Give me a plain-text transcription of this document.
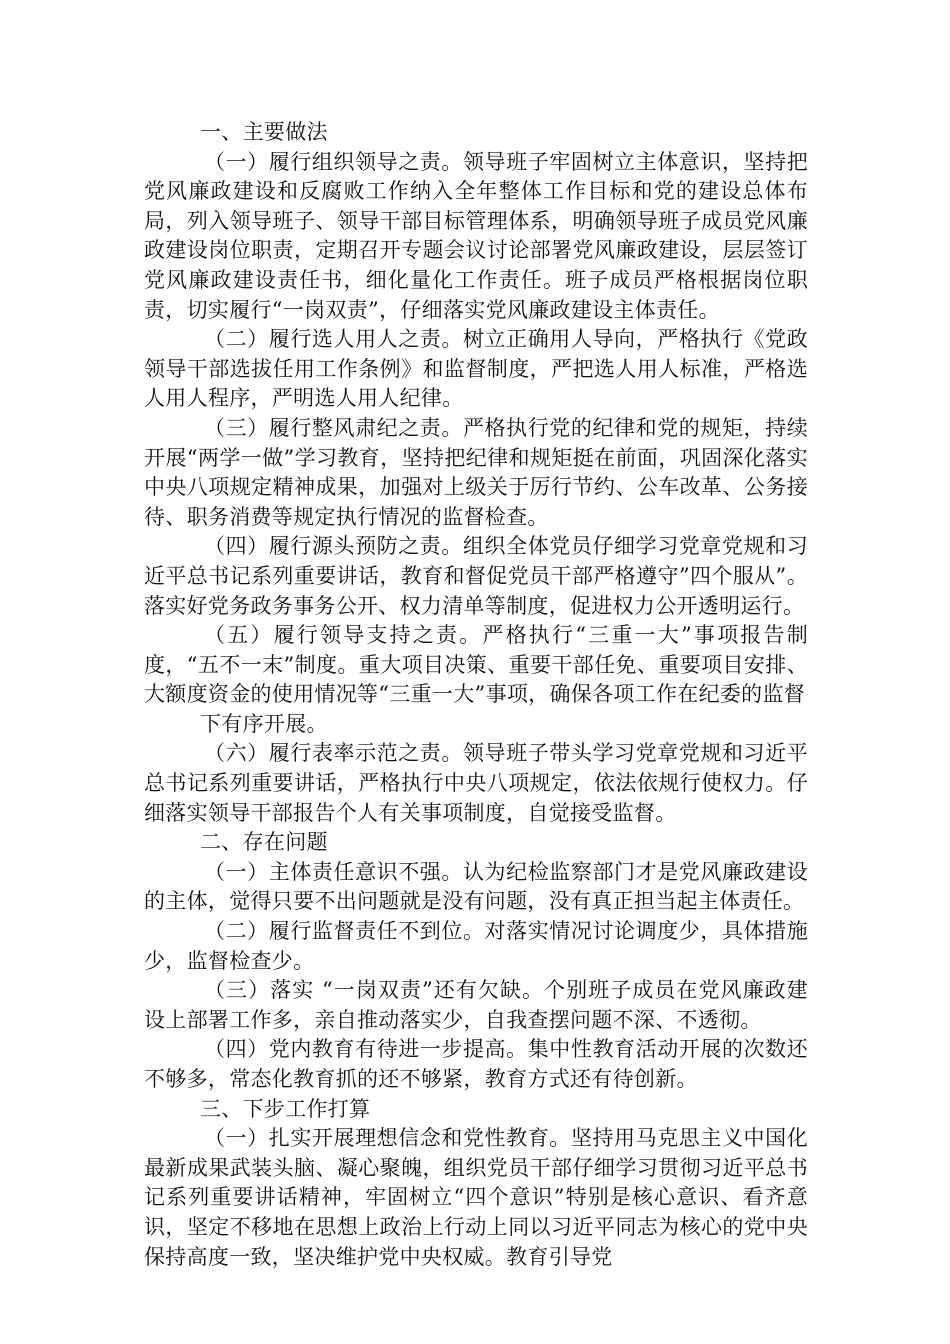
一、主要做法

（一）履行组织领导之责。领导班子牢固树立主体意识，坚持把党风廉政建设和反腐败工作纳入全年整体工作目标和党的建设总体布局，列入领导班子、领导干部目标管理体系，明确领导班子成员党风廉政建设岗位职责，定期召开专题会议讨论部署党风廉政建设，层层签订党风廉政建设责任书，细化量化工作责任。班子成员严格根据岗位职责，切实履行“一岗双责”，仔细落实党风廉政建设主体责任。

（二）履行选人用人之责。树立正确用人导向，严格执行《党政领导干部选拔任用工作条例》和监督制度，严把选人用人标准，严格选人用人程序，严明选人用人纪律。

（三）履行整风肃纪之责。严格执行党的纪律和党的规矩，持续开展“两学一做”学习教育，坚持把纪律和规矩挺在前面，巩固深化落实中央八项规定精神成果，加强对上级关于厉行节约、公车改革、公务接待、职务消费等规定执行情况的监督检查。

（四）履行源头预防之责。组织全体党员仔细学习党章党规和习近平总书记系列重要讲话，教育和督促党员干部严格遵守”四个服从”。落实好党务政务事务公开、权力清单等制度，促进权力公开透明运行。

（五）履行领导支持之责。严格执行“三重一大”事项报告制度，“五不一末”制度。重大项目决策、重要干部任免、重要项目安排、大额度资金的使用情况等“三重一大”事项，确保各项工作在纪委的监督

下有序开展。

（六）履行表率示范之责。领导班子带头学习党章党规和习近平总书记系列重要讲话，严格执行中央八项规定，依法依规行使权力。仔细落实领导干部报告个人有关事项制度，自觉接受监督。

二、存在问题

（一）主体责任意识不强。认为纪检监察部门才是党风廉政建设的主体，觉得只要不出问题就是没有问题，没有真正担当起主体责任。

（二）履行监督责任不到位。对落实情况讨论调度少，具体措施少，监督检查少。

（三）落实 “一岗双责”还有欠缺。个别班子成员在党风廉政建设上部署工作多，亲自推动落实少，自我查摆问题不深、不透彻。

（四）党内教育有待进一步提高。集中性教育活动开展的次数还不够多，常态化教育抓的还不够紧，教育方式还有待创新。

三、下步工作打算

（一）扎实开展理想信念和党性教育。坚持用马克思主义中国化最新成果武装头脑、凝心聚魄，组织党员干部仔细学习贯彻习近平总书记系列重要讲话精神，牢固树立“四个意识”特别是核心意识、看齐意识，坚定不移地在思想上政治上行动上同以习近平同志为核心的党中央保持高度一致，坚决维护党中央权威。教育引导党
